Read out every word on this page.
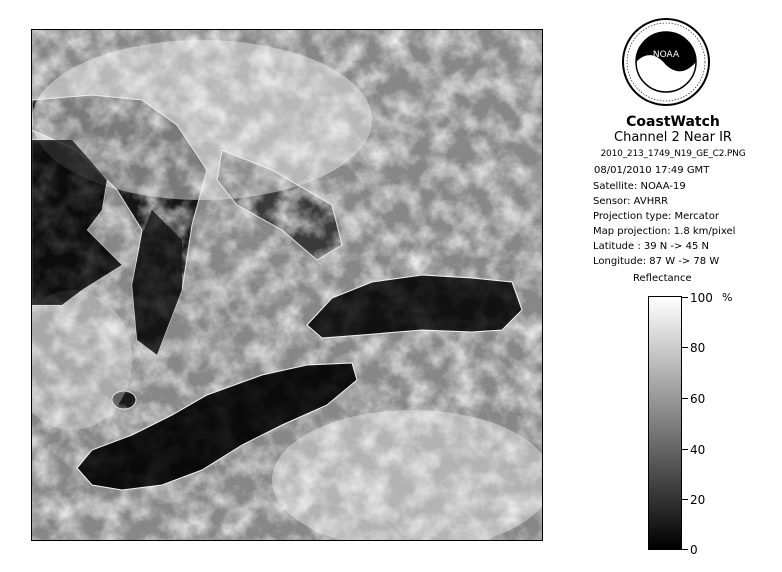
NOAA
CoastWatch
Channel 2 Near IR
2010_213_1749_N19_GE_C2.PNG
08/01/2010 17:49 GMT
Satellite: NOAA-19
Sensor: AVHRR
Projection type: Mercator
Map projection: 1.8 km/pixel
Latitude : 39 N -> 45 N
Longitude: 87 W -> 78 W
Reflectance
%
100
80
60
40
20
0
